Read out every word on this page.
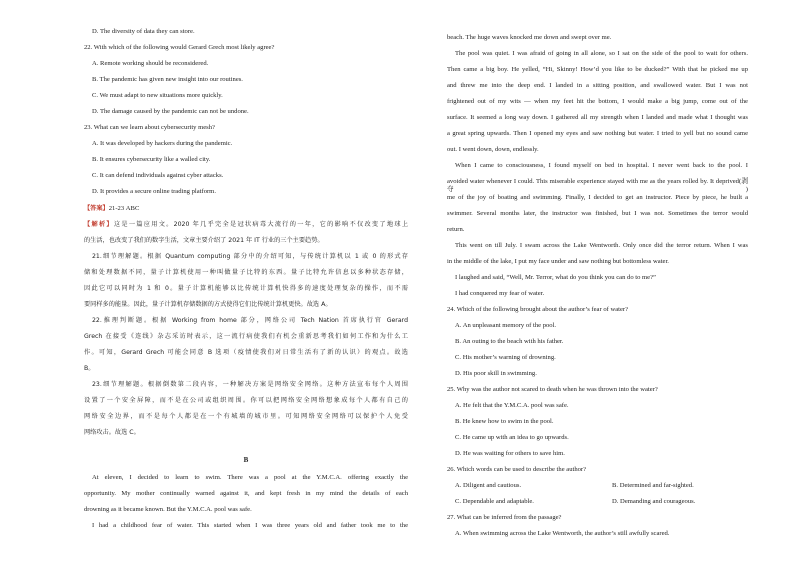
D. The diversity of data they can store.
22. With which of the following would Gerard Grech most likely agree?
A. Remote working should be reconsidered.
B. The pandemic has given new insight into our routines.
C. We must adapt to new situations more quickly.
D. The damage caused by the pandemic can not be undone.
23. What can we learn about cybersecurity mesh?
A. It was developed by hackers during the pandemic.
B. It ensures cybersecurity like a walled city.
C. It can defend individuals against cyber attacks.
D. It provides a secure online trading platform.
【答案】21-23 ABC
【解析】这是一篇应用文。2020 年几乎完全是冠状病毒大流行的一年，它的影响不仅改变了地球上
的生活，也改变了我们的数字生活，文章主要介绍了 2021 年 IT 行业的三个主要趋势。
21.细节理解题。根据 Quantum computing 部分中的介绍可知，与传统计算机以 1 或 0 的形式存
储和处理数据不同，量子计算机使用一种叫做量子比特的东西。量子比特允许信息以多种状态存储，
因此它可以同时为 1 和 0。量子计算机能够以比传统计算机快得多的速度处理复杂的操作，而不需
要同样多的能量。因此，量子计算机存储数据的方式使得它们比传统计算机更快。故选 A。
22.推理判断题。根据 Working from home 部分，网络公司 Tech Nation 首席执行官 Gerard
Grech 在接受《连线》杂志采访时表示，这一流行病使我们有机会重新思考我们如何工作和为什么工
作。可知，Gerard Grech 可能会同意 B 选项（疫情使我们对日常生活有了新的认识）的观点。故选
B。
23.细节理解题。根据倒数第二段内容，一种解决方案是网络安全网络。这种方法宣布每个人周围
设置了一个安全屏障，而不是在公司或组织周围。你可以把网络安全网络想象成每个人都有自己的
网络安全边界，而不是每个人都是在一个有城墙的城市里。可知网络安全网络可以保护个人免受
网络攻击。故选 C。
B
At eleven, I decided to learn to swim. There was a pool at the Y.M.C.A. offering exactly the
opportunity. My mother continually warned against it, and kept fresh in my mind the details of each
drowning as it became known. But the Y.M.C.A. pool was safe.
I had a childhood fear of water. This started when I was three years old and father took me to the
beach. The huge waves knocked me down and swept over me.
The pool was quiet. I was afraid of going in all alone, so I sat on the side of the pool to wait for others.
Then came a big boy. He yelled, “Hi, Skinny! How’d you like to be ducked?” With that he picked me up
and threw me into the deep end. I landed in a sitting position, and swallowed water. But I was not
frightened out of my wits — when my feet hit the bottom, I would make a big jump, come out of the
surface. It seemed a long way down. I gathered all my strength when I landed and made what I thought was
a great spring upwards. Then I opened my eyes and saw nothing but water. I tried to yell but no sound came
out. I went down, down, endlessly.
When I came to consciousness, I found myself on bed in hospital. I never went back to the pool. I
avoided water whenever I could. This miserable experience stayed with me as the years rolled by. It deprived(剥夺)
me of the joy of boating and swimming. Finally, I decided to get an instructor. Piece by piece, he built a
swimmer. Several months later, the instructor was finished, but I was not. Sometimes the terror would
return.
This went on till July. I swam across the Lake Wentworth. Only once did the terror return. When I was
in the middle of the lake, I put my face under and saw nothing but bottomless water.
I laughed and said, “Well, Mr. Terror, what do you think you can do to me?”
I had conquered my fear of water.
24. Which of the following brought about the author’s fear of water?
A. An unpleasant memory of the pool.
B. An outing to the beach with his father.
C. His mother’s warning of drowning.
D. His poor skill in swimming.
25. Why was the author not scared to death when he was thrown into the water?
A. He felt that the Y.M.C.A. pool was safe.
B. He knew how to swim in the pool.
C. He came up with an idea to go upwards.
D. He was waiting for others to save him.
26. Which words can be used to describe the author?
A. Diligent and cautious.	B. Determined and far-sighted.
C. Dependable and adaptable.	D. Demanding and courageous.
27. What can be inferred from the passage?
A. When swimming across the Lake Wentworth, the author’s still awfully scared.
